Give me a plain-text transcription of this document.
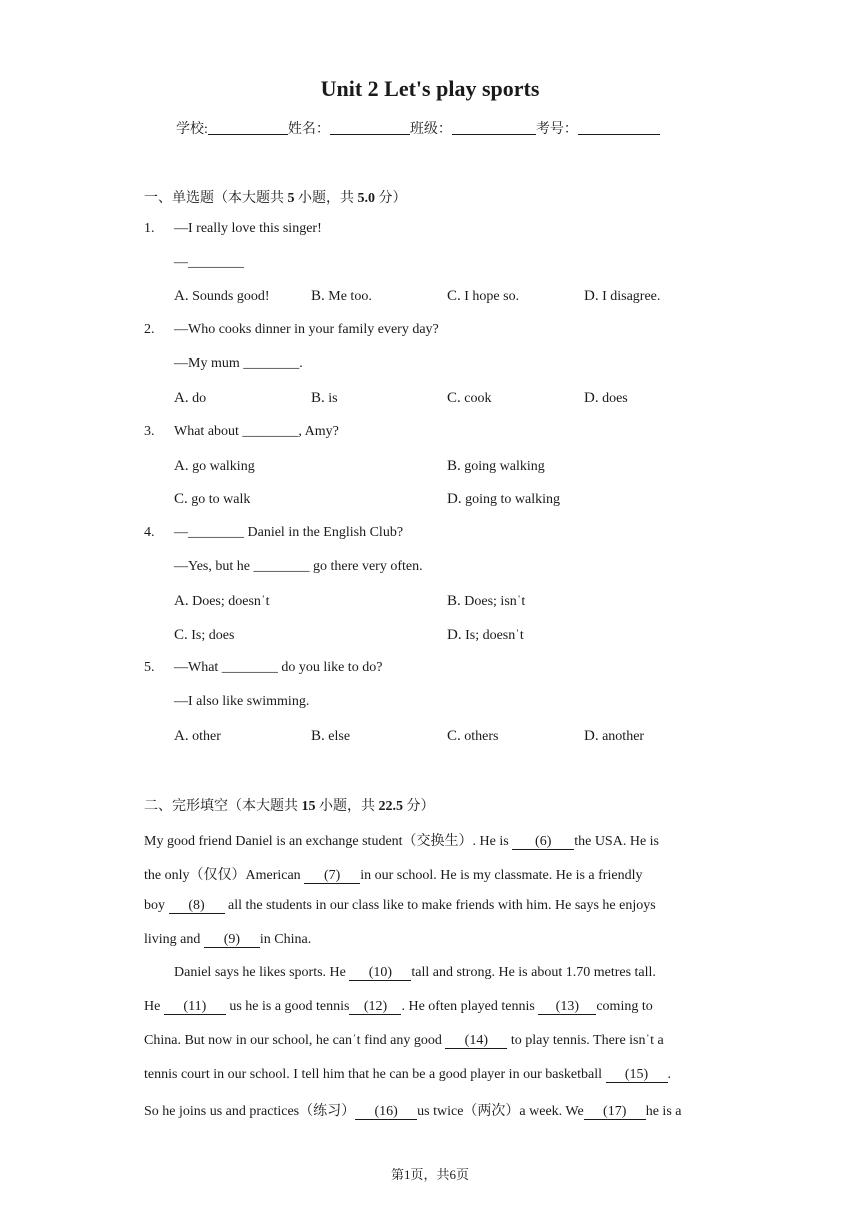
Unit 2 Let's play sports
学校:	姓名：	班级：	考号：
一、单选题（本大题共 5 小题，共 5.0 分）
1. —I really love this singer!
—________
A. Sounds good!	B. Me too.	C. I hope so.	D. I disagree.
2. —Who cooks dinner in your family every day?
—My mum ________.
A. do	B. is	C. cook	D. does
3. What about ________, Amy?
A. go walking	B. going walking
C. go to walk	D. going to walking
4. —________ Daniel in the English Club?
—Yes, but he ________ go there very often.
A. Does; doesnˈt	B. Does; isnˈt
C. Is; does	D. Is; doesnˈt
5. —What ________ do you like to do?
—I also like swimming.
A. other	B. else	C. others	D. another
二、完形填空（本大题共 15 小题，共 22.5 分）
My good friend Daniel is an exchange student（交换生）. He is (6) the USA. He is
the only（仅仅）American (7) in our school. He is my classmate. He is a friendly
boy (8) all the students in our class like to make friends with him. He says he enjoys
living and (9) in China.
Daniel says he likes sports. He (10) tall and strong. He is about 1.70 metres tall.
He (11) us he is a good tennis (12) . He often played tennis (13) coming to
China. But now in our school, he canˈt find any good (14) to play tennis. There isnˈt a
tennis court in our school. I tell him that he can be a good player in our basketball (15) .
So he joins us and practices（练习） (16) us twice（两次）a week. We (17) he is a
第1页，共6页
